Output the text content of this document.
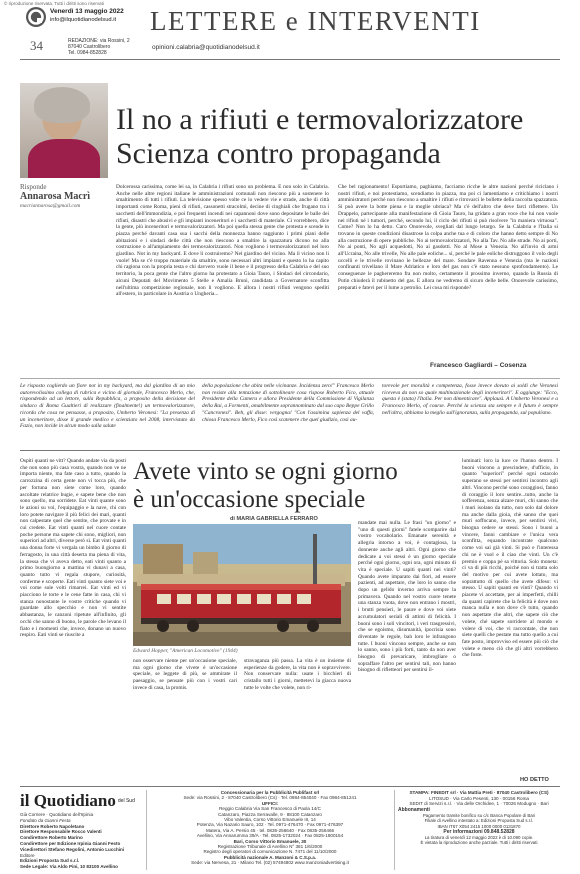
© riproduzione riservata. Tutti i diritti sono riservati
Venerdì 13 maggio 2022
info@ilquotidianodelsud.it LETTERE e INTERVENTI
34	REDAZIONE: via Rossini, 2
87040 Castrolibero
Tel. 0984-852828
opinioni.calabria@quotidianodelsud.it
Risponde
Annarosa Macrì
macriannarosa@gmail.com
Il no a rifiuti e termovalorizzatore
Scienza contro propaganda
Dolcerossa carissima, come lei sa, in Calabria i rifiuti sono un problema. E non solo in Calabria. Anche nelle altre regioni italiane le amministrazioni comunali non riescono più a sostenere lo smaltimento di tutti i rifiuti. La televisione spesso volte ce lo vedere vie e strade, anche di città importanti come Roma, pieni di rifiuti, cassonetti stracolmi, decine di cinghiali che frugano tra i sacchetti dell'immondizia, e poi frequenti incendi nei capannoni dove sono depositate le balle dei rifiuti, disastri che abusivi e gli impianti inceneritori e i sacchetti di materiale. Ci vorrebbero, dice la gente, più inceneritori e termovalorizzatori. Ma poi quella stessa gente che protesta e scende in piazza perché davanti casa sua i sacchi della monnezza hanno raggiunto i primi piani delle abitazioni e i sindaci delle città che non riescono a smaltire la spazzatura dicono no alla costruzione o all'ampiamento dei termovalorizzatori. Non vogliono i termovalorizzatori nel loro giardino. Not in my backyard. E dove li costruiremo? Nel giardino del vicino. Ma il vicino non li vuole! Ma se c'è troppo materiale da smaltire, sono necessari altri impianti e questo lo ha capito chi ragiona con la propria testa e chi davvero vuole il bene e il progresso della Calabria e del suo territorio, la poca gente che l'altro giorno ha protestato a Gioia Tauro, i Sindaci del circondario, alcuni Deputati del Movimento 5 Stelle e Amalia Bruni, candidata a Governatore sconfitta nell'ultima competizione regionale, non li vogliono. E allora i nostri rifiuti vengono spediti all'estero, in particolare in Austria o Ungheria...
Che bel ragionamento! Esportiamo, paghiamo, facciamo ricche le altre nazioni perché riciclano i nostri rifiuti, e noi protestiamo, scendiamo in piazza, ma poi ci lamentiamo e critichiamo i nostri amministratori perché non riescono a smaltire i rifiuti e ritrovarci le bollette della raccolta spazzatura. Si può avere la botte piena e la moglie ubriaca? Ma c'è dell'altro che deve farci riflettere. Un Drappelo, partecipante alla manifestazione di Gioia Tauro, ha gridato a gran voce che lui non vuole nei rifiuti né i tumori, perché, secondo lui, il ciclo dei rifiuti si può risolvere "in maniera virtuosa". Come? Non lo ha detto. Caro Onorevole, svegliati dal lungo letargo. Se la Calabria e l'Italia si trovano in queste condizioni disastrose la colpa anche tua e di coloro che hanno detto sempre di No alla costruzione di opere pubbliche. No ai termovalorizzatori, No alla Tav. No alle strade. No ai porti, No ai ponti, No agli acquedotti, No ai gasdotti. No al Mose a Venezia. No all'invio di armi all'Ucraina, No alle trivelle, No alle pale eoliche... sì, perché le pale eoliche distruggono il volo degli uccelli e le trivelle rovinano le bellezze del mare. Sondare Ravenna e Venezia (ma le nazioni confinanti trivellano il Mare Adriatico e loro del gas non c'è stato nessuno sprofondamento). Le conseguenze le paghereremo fra non molto, certamente il prossimo inverno, quando la Russia di Putin chiuderà il rubinetto del gas. E allora ne vedremo di sicuro delle belle. Onorevole carissimo, preparati e fatevi per il lume a petrolio. Lei cosa mi risponde?
Francesco Gagliardi – Cosenza
Le risposto coglierdo un fiore not in my backyard, ma dal giardino di un mio autorevolissimo collega di rubrica e vicino di giornale, Francesco Merlo, che, rispondendo ad un lettore, sulla Repubblica, a proposito della decisione del sindaco di Roma Gualtieri di realizzare (finalmente!) un termovalorizzatore, ricorda che cosa ne pensasse, a proposito, Umberto Veronesi: "La presenza di un inceneritore, disse il grande medico e scienziato nel 2008, intervistato da Fazio, non incide in alcun modo sulla salute
della popolazione che abita nelle vicinanze. Incidenza zero!" Francesco Merlo non resiste alla tentazione di sottolineare cosa rispose Roberto Fico, attuale Presidente della Camera e allora Presidente della Commissione di Vigilanza della Rai, a Formenti, amabilmente soprannominato dal suo capo Beppe Grillo "Cancronesi". Beh, gli disse: vergogna! "Con l'assimina sapienza del vaffa, chiosa Francesco Merlo, Fico così scatenere che quel giudizio, così au-
torevole per moralità e competenza, fosse invece dovuto ai soldi che Veronesi riceveva da non so quale multinazionale degli inceneritori". E aggiunge: "Ecco, questa è (stata) l'Italia. Per non dimenticare". Applausi. A Umberto Veronesi e a Francesco Merlo, of course. Perché la scienza sta sempre e il futuro è sempre nell'altra, abbiamo la meglio sull'ignoranza, sulla propaganda, sul populismo.
Ospiti quanti ne vitt? Quando andate via da posti che non sono più casa vostra, quando non ve ne importa niente, ma fate caso a tutto, quando la carrozzina di certa gente non vi tocca più, che per fortuna non siete come loro, quando ascoltate relatrice bugie, e sapete bene che non sono quello, ma sorridete. Eat vinti quante sono le azioni su voi, l'equipaggio e la nave, chi con loro potete navigare il più felici dei mari, quanti non calpestate quel che sentite, che provate e in cui credete. Eat vinti quanti nel cuore contate poche persone ma sapete chi sono, migliori, non superiori ad altri, diverse però sì. Eat vinti quanti una donna forte vi vergala un bimbo il giorno di ferragosto, in una città deserta ma piena di vita, la stessa che vi aveva detto, eati vinti quanto a primo buongiorno a mattina vi dunavi a casa, quanto tutto vi regala stupore, curiosità, conferme e scoperte. Eati vinti quanto siete voi e voi come sole volti rimarrei. Eat vinti ed vi piacciono le torte e le cene fatte in casa, chi vi stanza nonostante le vostre critiche quando vi guardate allo specchio e non vi sentite abbastanza, le canzoni ripetute all'infinito, gli occhi che sanno di buono, le parole che levano il fiato e i momenti che, invece, donano un nuovo respiro. Eati vinti se riuscite a
Avete vinto se ogni giorno
è un'occasione speciale
di MARIA GABRIELLA FERRARO
Edward Hopper, "American Locomotive" (1944)
non osservare niente per un'occasione speciale, ma ogni giorno che vivete è un'occasione speciale, se leggete di più, se ammirate il paesaggio, se pensate più con i vostri cari invece di casa, la promis.
stravaganza più passa. La vita è un insieme di esperienze da godere, la vita non è sopravvivere. Non conservare nulla: usate i bicchieri di cristallo tutti i giorni, mettetevi la giacca nuova tutte le volte che volete, non ri-
mandate mai nulla. Le frasi "un giorno" e "uno di questi giorni" fatele scomparire dal vostro vocabolario. Emanate serenità e allegria intorno a voi, è contagiosa, la donnente anche agli altri. Ogni giorno che dedicate a voi stessi è un giorno speciale perché ogni giorno, ogni ora, ogni minuto di vita è speciale. U sapiti quanti nei vinti? Quando avete imparato dai fiori, ad essere pazienti, ad aspettare, che loro lo sanno che dopo un gelido inverno arriva sempre la primavera. Quando nel vostro cuore tenete una stanza vuota, dove non entrano i mostri, i brutti pensieri, le paure e dove voi siete accumulatori seriali di attimi di felicità. I buoni sono i soli vincitori, i veri trasgressivi, che se egoismo, disumanità, ipocrisia sono diventate le regole, bah loro le infrangono tutte. I buoni vincono sempre, anche se non lo sanno, sono i più forti, tanto da non aver bisogno di prevaricare, imbrogliare o sopraffare l'altro per sentirsi tali, non hanno bisogno di rifletteori per sentirsi il-
luminati: loro la luce ce l'hanno dentro. I buoni vincono a prescindere, d'ufficio, in quanto "superiori" perché ogni ostacolo superano se stessi per sentirsi incontro agli altri. Vincono perché sono coraggiosi, fanno di coraggio il loro sentire...tutto, anche la sofferenza, senza alzare muri, chi sanno che i muri isolano da tutto, non solo dal dolore ma anche dalla gioia, chè sanno che quei muri soffocano, invece, per sentirsi vivi, bisogna cedere se stessi. Sono i buoni a vincere, fanni cambiare e l'unica vera sconfitta, equando incontrate qualcuno come voi sai già vinti. Si può e l'interessa chi ne è vuol e il ciao che vinti. Un c'è premio e coppa pè sa vittoria. Solo moneta: ci va di più ricchi, poiché non si tratta solo del motivo per cui avete lottato, ma soprattutto di quello che avete difeso: vi stesso. U sapiti quanti en vinti? Quando vi piacete vi accettate, per ai imperfetti, chilli da quanti capirete che la felicità è dove non manca nulla e non dove c'è tutto, quando non aspettate che altri, che sapete ciò che volete, ché sapete sorridere al mondo e volere di voi, che vi raccontate, che non siete quelli che pestate ma tutto quello a cui fate posto, improvviso ed essere più ciò che volete e meno ciò che gli altri vorrebbero che foste.
HO DETTO
il Quotidiano $^{del Sud}$
Già Corriere · Quotidiano dell'Irpinia
Fondato da Gianni Festa
Direttore Roberto Napoletano
Direttore Responsabile Rocco Valenti
Condirettore Roberto Marino
Condirettore per Edizione Irpinia Gianni Festo
Vicedirettori Stefano Regolini, Antonio Lucchini
Editore
Edizioni Proposta Sud s.r.l.
Sede Legale: Via Aldo Pini, 10 83100 Avellino
Concessionaria per la Pubblicità Publifast srl
Sede: via Rossini, 2 · 87040 Castrolibero (Cs) · Tel. 0984-854040 · Fax 0984-851241
UFFICI:
Reggio Calabria Via San Francesco di Paola 14/C
Catanzaro, Piazza Serravalle, 9 · 88100 Catanzaro
Vibo Valentia, Corso Vittorio Emanuele III, 14
Potenza, Via Nazario Sauro, 102 · Tel. 0971-476470 · Fax 0971-476397
Matera, Via A. Persio 45 · tel. 0835-256640 · Fax 0835-256466
Avellino, Via Annarumma 39/A · Tel. 0825-1732024 · Fax 0825-1800154
Bari, Corso Vittorio Emanuele, 30
Registrazione Tribunale di Avellino N° 381 1/6/2000
Registro degli operatori di comunicazione N. 7471 del 11/10/2000
Pubblicità nazionale A. Manzoni & C.S.p.a.
Sede: via Nervesa, 21 · Milano Tel. (02) 57494802 www.manzoniadvertising.it
STAMPA: FINEDIT srl · Via Mattia Preti · 87040 Castrolibero (CS)
LITOSUD · Via Carlo Pesenti, 130 · 00156 Roma
SEDIT di Servizi s.r.l. · Via delle Orchidee, 1 · 70026 Modugno · Bari
Abbonamenti
Pagamento tramite bonifico su c/c Banca Popolare di Bari
Filiale di Avellino intestato a: Edizioni Proposta Sud s.r.l.
IBAN IT67 X054 2415 1000 0000 0131870
Per informazioni 09.848.52828
La tiratura di venerdì 12 maggio 2022 è di 10.090 copie.
È vietata la riproduzione anche parziale. Tutti i diritti riservati
